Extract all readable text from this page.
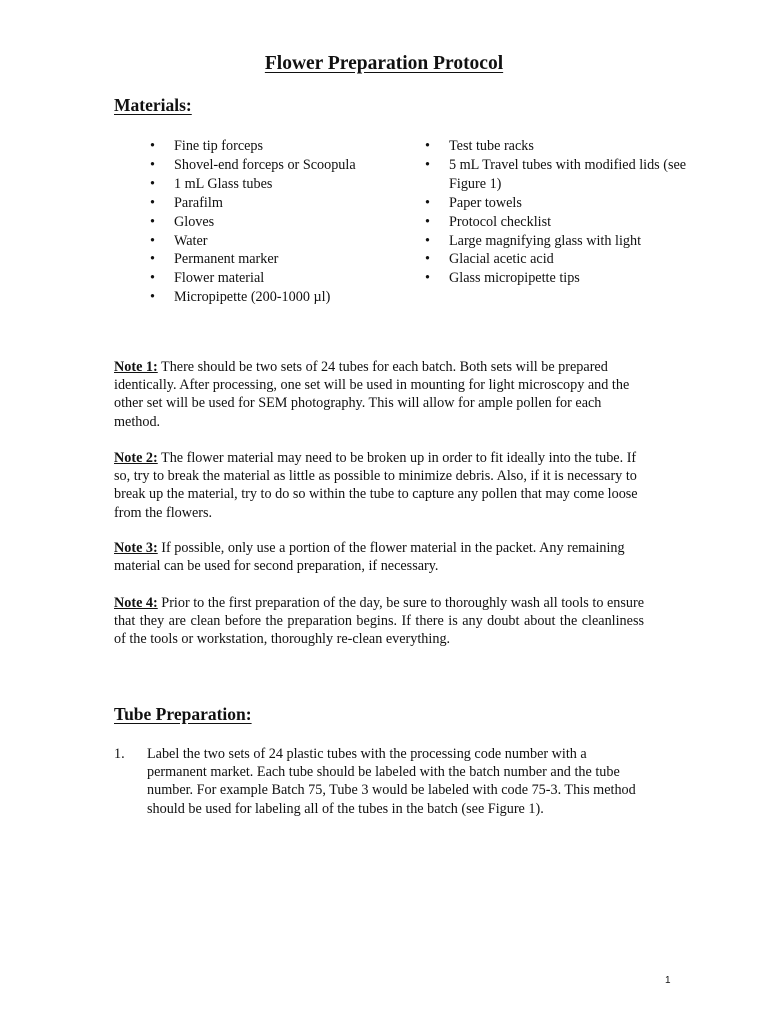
Flower Preparation Protocol
Materials:
• Fine tip forceps
• Shovel-end forceps or Scoopula
• 1 mL Glass tubes
• Parafilm
• Gloves
• Water
• Permanent marker
• Flower material
• Micropipette (200-1000 µl)
• Test tube racks
• 5 mL Travel tubes with modified lids (see Figure 1)
• Paper towels
• Protocol checklist
• Large magnifying glass with light
• Glacial acetic acid
• Glass micropipette tips

Note 1: There should be two sets of 24 tubes for each batch. Both sets will be prepared identically. After processing, one set will be used in mounting for light microscopy and the other set will be used for SEM photography. This will allow for ample pollen for each method.

Note 2: The flower material may need to be broken up in order to fit ideally into the tube. If so, try to break the material as little as possible to minimize debris. Also, if it is necessary to break up the material, try to do so within the tube to capture any pollen that may come loose from the flowers.

Note 3: If possible, only use a portion of the flower material in the packet. Any remaining material can be used for second preparation, if necessary.

Note 4: Prior to the first preparation of the day, be sure to thoroughly wash all tools to ensure that they are clean before the preparation begins. If there is any doubt about the cleanliness of the tools or workstation, thoroughly re-clean everything.

Tube Preparation:
1. Label the two sets of 24 plastic tubes with the processing code number with a permanent market. Each tube should be labeled with the batch number and the tube number. For example Batch 75, Tube 3 would be labeled with code 75-3. This method should be used for labeling all of the tubes in the batch (see Figure 1).
1
